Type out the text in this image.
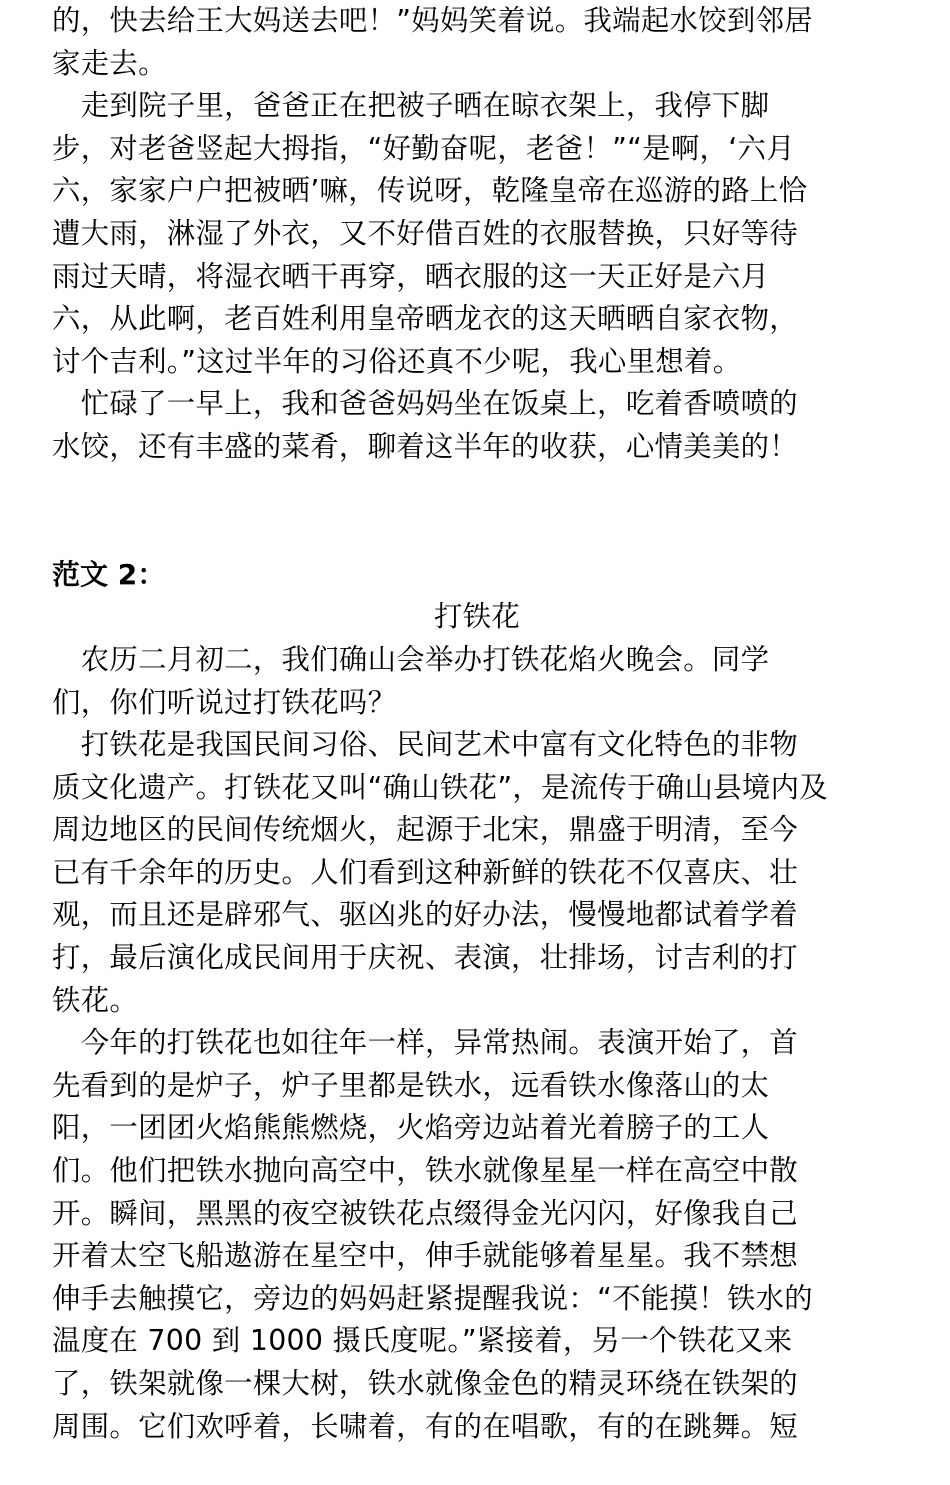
的，快去给王大妈送去吧！”妈妈笑着说。我端起水饺到邻居
家走去。
　走到院子里，爸爸正在把被子晒在晾衣架上，我停下脚
步，对老爸竖起大拇指，“好勤奋呢，老爸！”“是啊，‘六月
六，家家户户把被晒’嘛，传说呀，乾隆皇帝在巡游的路上恰
遭大雨，淋湿了外衣，又不好借百姓的衣服替换，只好等待
雨过天晴，将湿衣晒干再穿，晒衣服的这一天正好是六月
六，从此啊，老百姓利用皇帝晒龙衣的这天晒晒自家衣物，
讨个吉利。”这过半年的习俗还真不少呢，我心里想着。
　忙碌了一早上，我和爸爸妈妈坐在饭桌上，吃着香喷喷的
水饺，还有丰盛的菜肴，聊着这半年的收获，心情美美的！
范文 2：
打铁花
　农历二月初二，我们确山会举办打铁花焰火晚会。同学
们，你们听说过打铁花吗？
　打铁花是我国民间习俗、民间艺术中富有文化特色的非物
质文化遗产。打铁花又叫“确山铁花”，是流传于确山县境内及
周边地区的民间传统烟火，起源于北宋，鼎盛于明清，至今
已有千余年的历史。人们看到这种新鲜的铁花不仅喜庆、壮
观，而且还是辟邪气、驱凶兆的好办法，慢慢地都试着学着
打，最后演化成民间用于庆祝、表演，壮排场，讨吉利的打
铁花。
　今年的打铁花也如往年一样，异常热闹。表演开始了，首
先看到的是炉子，炉子里都是铁水，远看铁水像落山的太
阳，一团团火焰熊熊燃烧，火焰旁边站着光着膀子的工人
们。他们把铁水抛向高空中，铁水就像星星一样在高空中散
开。瞬间，黑黑的夜空被铁花点缀得金光闪闪，好像我自己
开着太空飞船遨游在星空中，伸手就能够着星星。我不禁想
伸手去触摸它，旁边的妈妈赶紧提醒我说：“不能摸！铁水的
温度在 700 到 1000 摄氏度呢。”紧接着，另一个铁花又来
了，铁架就像一棵大树，铁水就像金色的精灵环绕在铁架的
周围。它们欢呼着，长啸着，有的在唱歌，有的在跳舞。短
